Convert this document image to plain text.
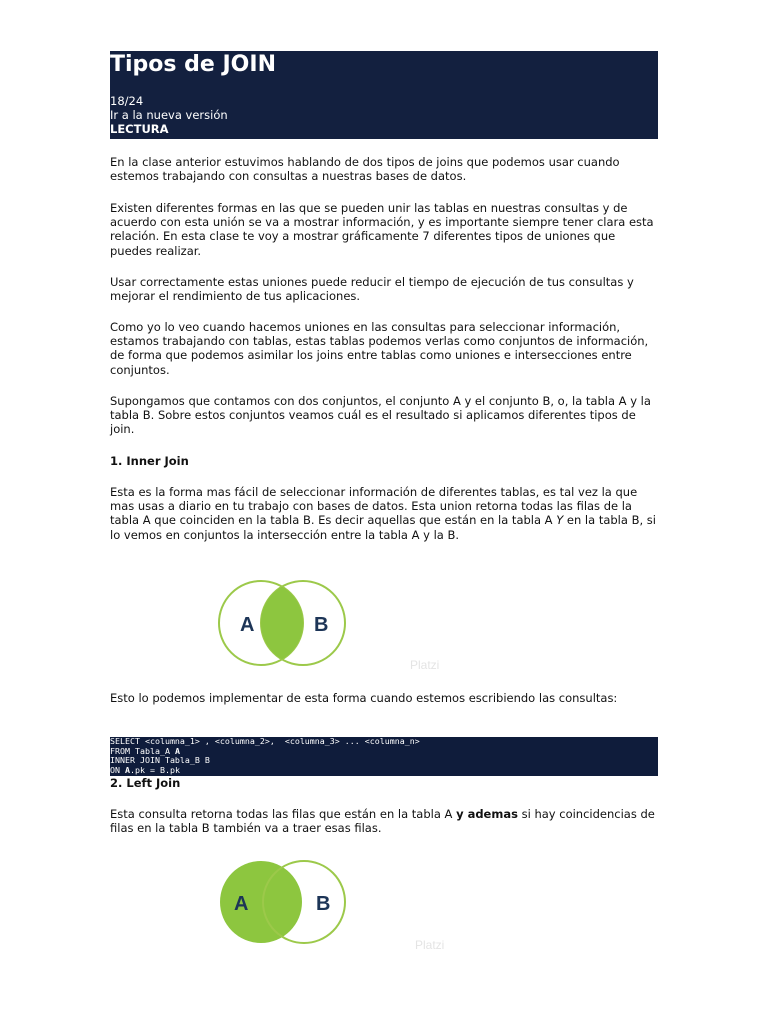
Tipos de JOIN
18/24
Ir a la nueva versión
LECTURA

En la clase anterior estuvimos hablando de dos tipos de joins que podemos usar cuando estemos trabajando con consultas a nuestras bases de datos.

Existen diferentes formas en las que se pueden unir las tablas en nuestras consultas y de acuerdo con esta unión se va a mostrar información, y es importante siempre tener clara esta relación. En esta clase te voy a mostrar gráficamente 7 diferentes tipos de uniones que puedes realizar.

Usar correctamente estas uniones puede reducir el tiempo de ejecución de tus consultas y mejorar el rendimiento de tus aplicaciones.

Como yo lo veo cuando hacemos uniones en las consultas para seleccionar información, estamos trabajando con tablas, estas tablas podemos verlas como conjuntos de información, de forma que podemos asimilar los joins entre tablas como uniones e intersecciones entre conjuntos.

Supongamos que contamos con dos conjuntos, el conjunto A y el conjunto B, o, la tabla A y la tabla B. Sobre estos conjuntos veamos cuál es el resultado si aplicamos diferentes tipos de join.

1. Inner Join

Esta es la forma mas fácil de seleccionar información de diferentes tablas, es tal vez la que mas usas a diario en tu trabajo con bases de datos. Esta union retorna todas las filas de la tabla A que coinciden en la tabla B. Es decir aquellas que están en la tabla A Y en la tabla B, si lo vemos en conjuntos la intersección entre la tabla A y la B.

A	B
Platzi

Esto lo podemos implementar de esta forma cuando estemos escribiendo las consultas:

SELECT <columna_1> , <columna_2>,  <columna_3> ... <columna_n>
FROM Tabla_A A
INNER JOIN Tabla_B B
ON A.pk = B.pk
2. Left Join

Esta consulta retorna todas las filas que están en la tabla A y ademas si hay coincidencias de filas en la tabla B también va a traer esas filas.

A	B
Platzi
